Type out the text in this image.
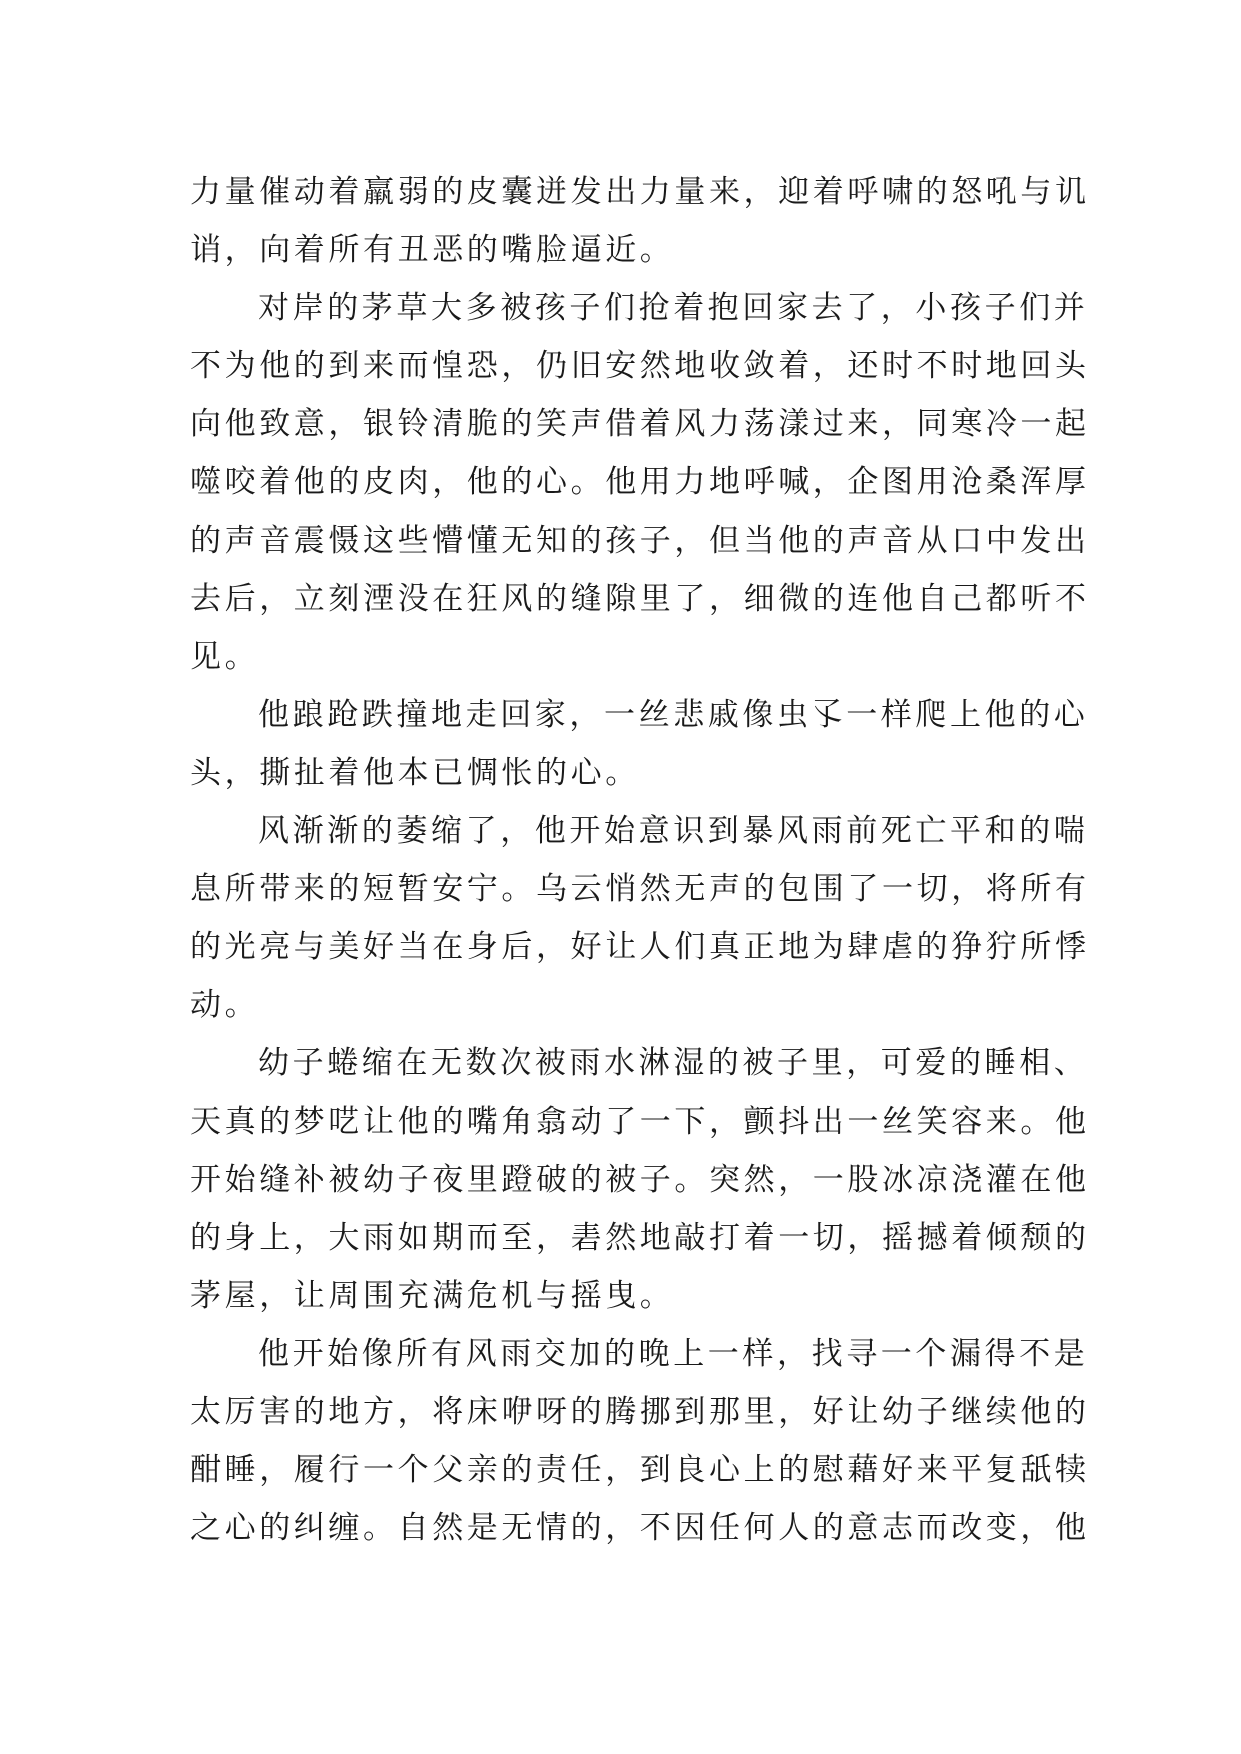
力量催动着羸弱的皮囊迸发出力量来，迎着呼啸的怒吼与讥
诮，向着所有丑恶的嘴脸逼近。
对岸的茅草大多被孩子们抢着抱回家去了，小孩子们并
不为他的到来而惶恐，仍旧安然地收敛着，还时不时地回头
向他致意，银铃清脆的笑声借着风力荡漾过来，同寒冷一起
噬咬着他的皮肉，他的心。他用力地呼喊，企图用沧桑浑厚
的声音震慑这些懵懂无知的孩子，但当他的声音从口中发出
去后，立刻湮没在狂风的缝隙里了，细微的连他自己都听不
见。
他踉跄跌撞地走回家，一丝悲戚像虫孓一样爬上他的心
头，撕扯着他本已惆怅的心。
风渐渐的萎缩了，他开始意识到暴风雨前死亡平和的喘
息所带来的短暂安宁。乌云悄然无声的包围了一切，将所有
的光亮与美好当在身后，好让人们真正地为肆虐的狰狞所悸
动。
幼子蜷缩在无数次被雨水淋湿的被子里，可爱的睡相、
天真的梦呓让他的嘴角翕动了一下，颤抖出一丝笑容来。他
开始缝补被幼子夜里蹬破的被子。突然，一股冰凉浇灌在他
的身上，大雨如期而至，砉然地敲打着一切，摇撼着倾颓的
茅屋，让周围充满危机与摇曳。
他开始像所有风雨交加的晚上一样，找寻一个漏得不是
太厉害的地方，将床咿呀的腾挪到那里，好让幼子继续他的
酣睡，履行一个父亲的责任，到良心上的慰藉好来平复舐犊
之心的纠缠。自然是无情的，不因任何人的意志而改变，他
